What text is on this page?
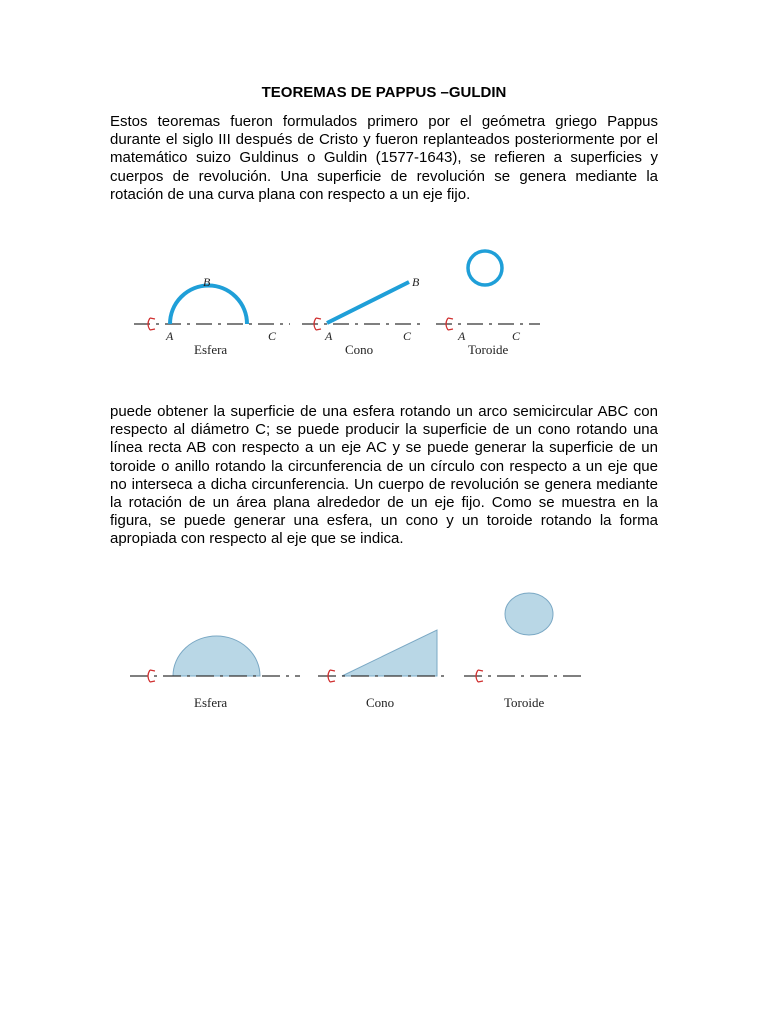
TEOREMAS DE PAPPUS –GULDIN

Estos teoremas fueron formulados primero por el geómetra griego Pappus durante el siglo III después de Cristo y fueron replanteados posteriormente por el matemático suizo Guldinus o Guldin (1577-1643), se refieren a superficies y cuerpos de revolución. Una superficie de revolución se genera mediante la rotación de una curva plana con respecto a un eje fijo.

A
B
C
Esfera
A
B
C
Cono
A	C
Toroide

puede obtener la superficie de una esfera rotando un arco semicircular ABC con respecto al diámetro C; se puede producir la superficie de un cono rotando una línea recta AB con respecto a un eje AC y se puede generar la superficie de un toroide o anillo rotando la circunferencia de un círculo con respecto a un eje que no interseca a dicha circunferencia. Un cuerpo de revolución se genera mediante la rotación de un área plana alrededor de un eje fijo. Como se muestra en la figura, se puede generar una esfera, un cono y un toroide rotando la forma apropiada con respecto al eje que se indica.

Esfera	Cono	Toroide
